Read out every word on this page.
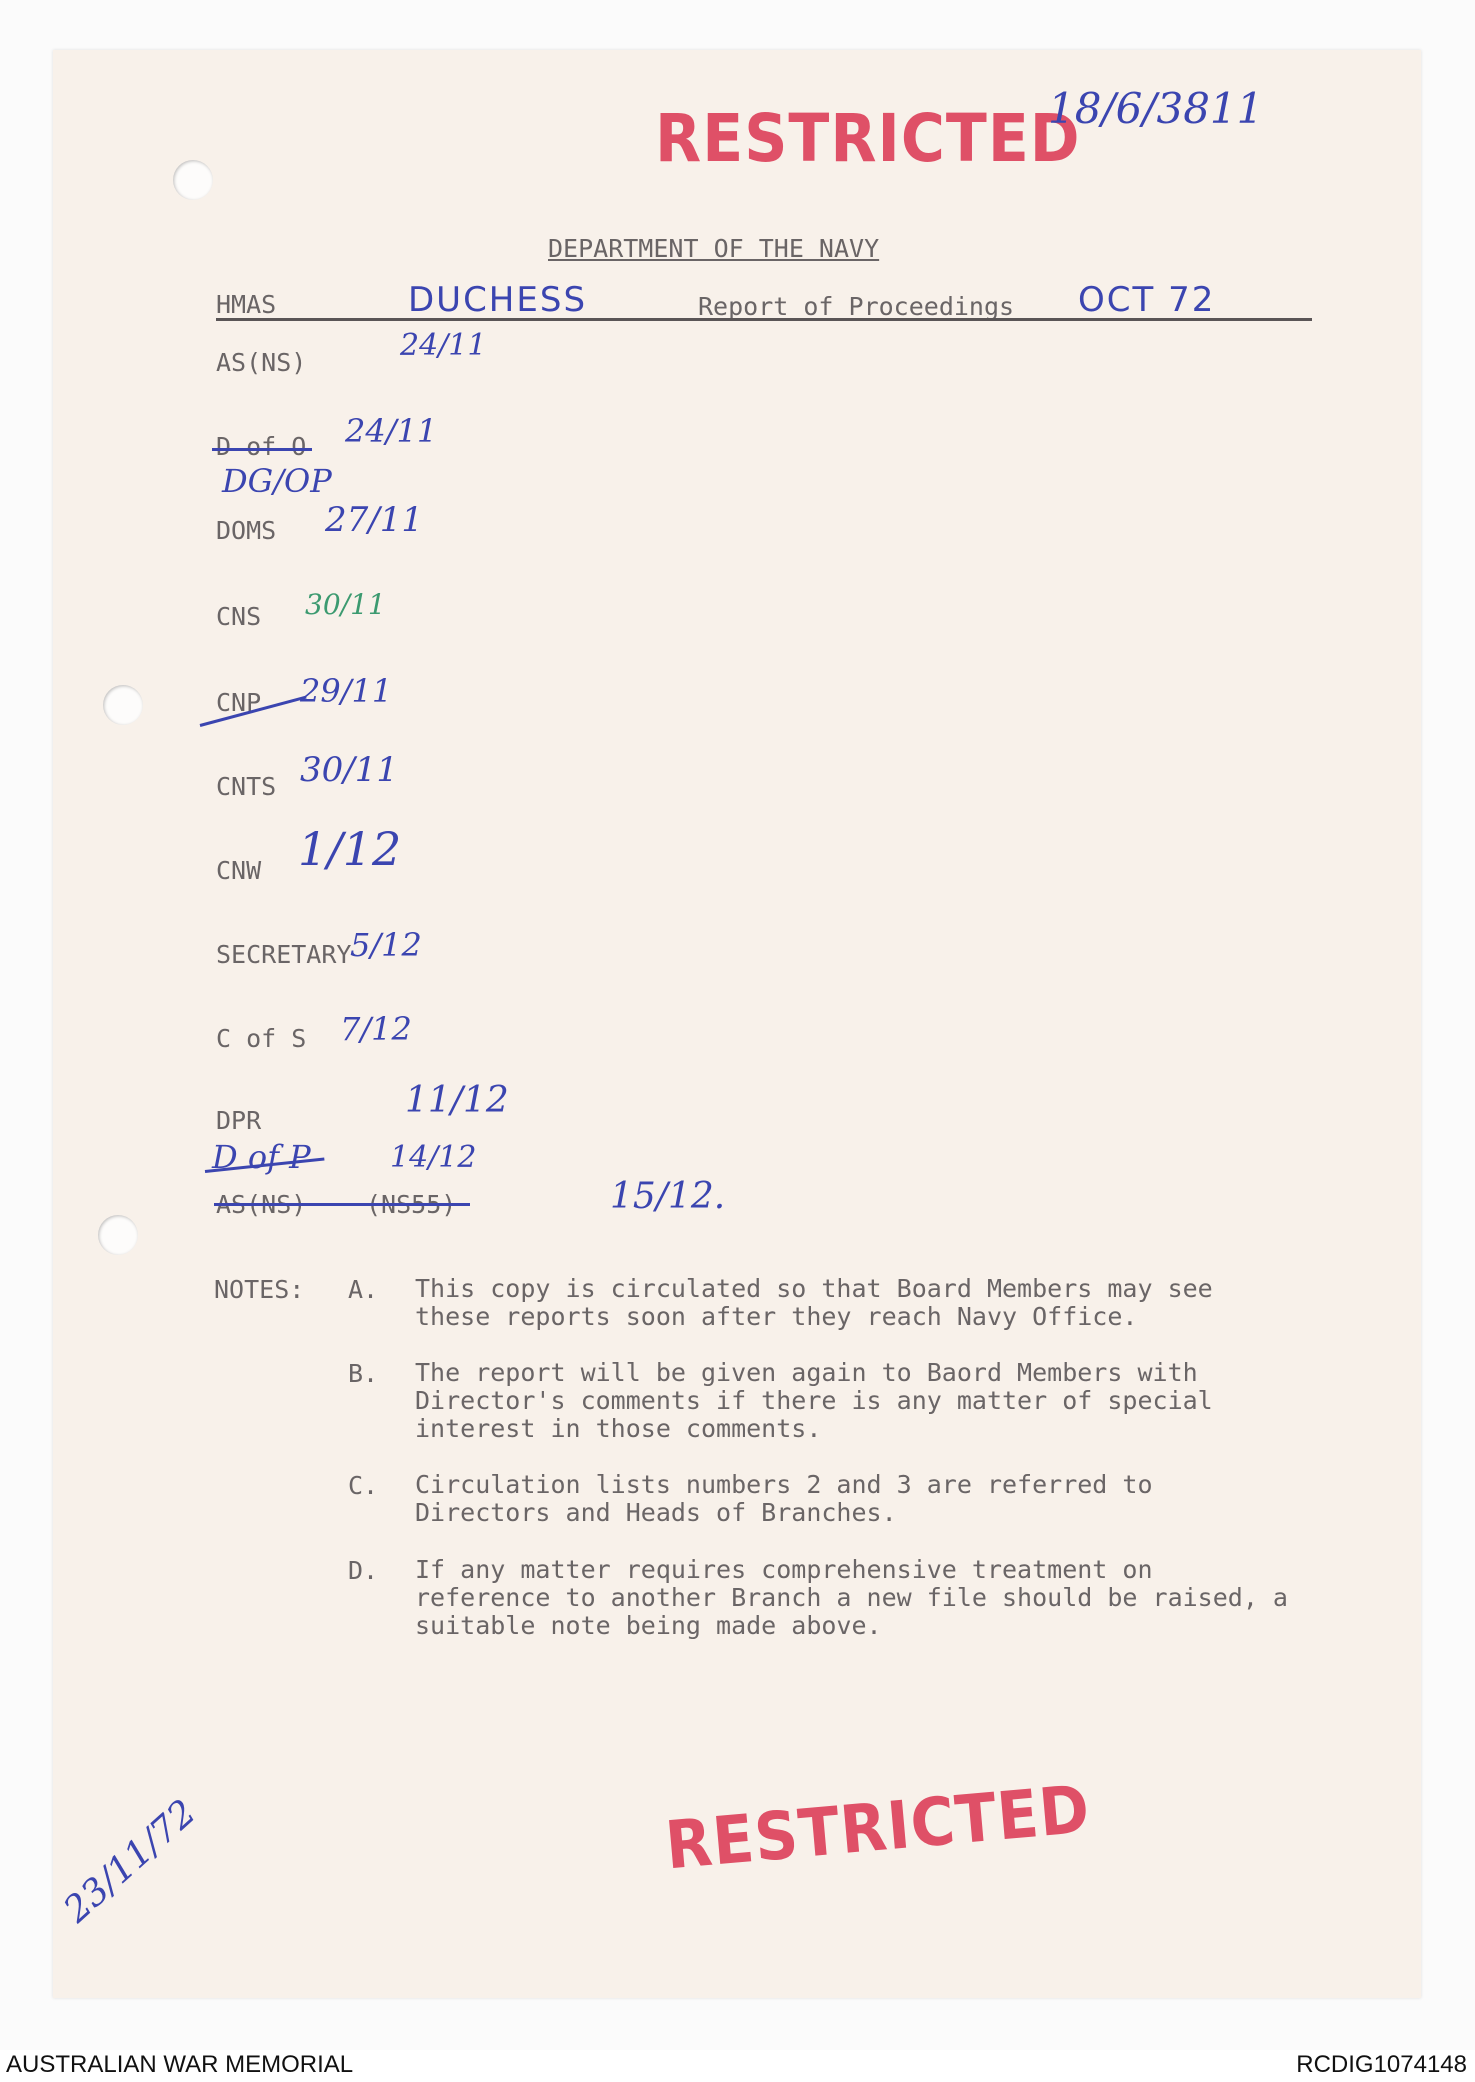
RESTRICTED
RESTRICTED
18/6/3811
DEPARTMENT OF THE NAVY
HMAS	DUCHESS	Report of Proceedings OCT 72
AS(NS)	24/11
D of O 24/11
DG/OP
DOMS 27/11
CNS 30/11
CNP 29/11
CNTS 30/11
CNW 1/12
SECRETARY
5/12
C of S 7/12
DPR	11/12
D of P	14/12
AS(NS) (NS55)	15/12.
NOTES: A. This copy is circulated so that Board Members may see these reports soon after they reach Navy Office.

B. The report will be given again to Baord Members with Director's comments if there is any matter of special interest in those comments.

C. Circulation lists numbers 2 and 3 are referred to Directors and Heads of Branches.

D. If any matter requires comprehensive treatment on reference to another Branch a new file should be raised, a suitable note being made above.

23/11/72
AUSTRALIAN WAR MEMORIAL	RCDIG1074148
